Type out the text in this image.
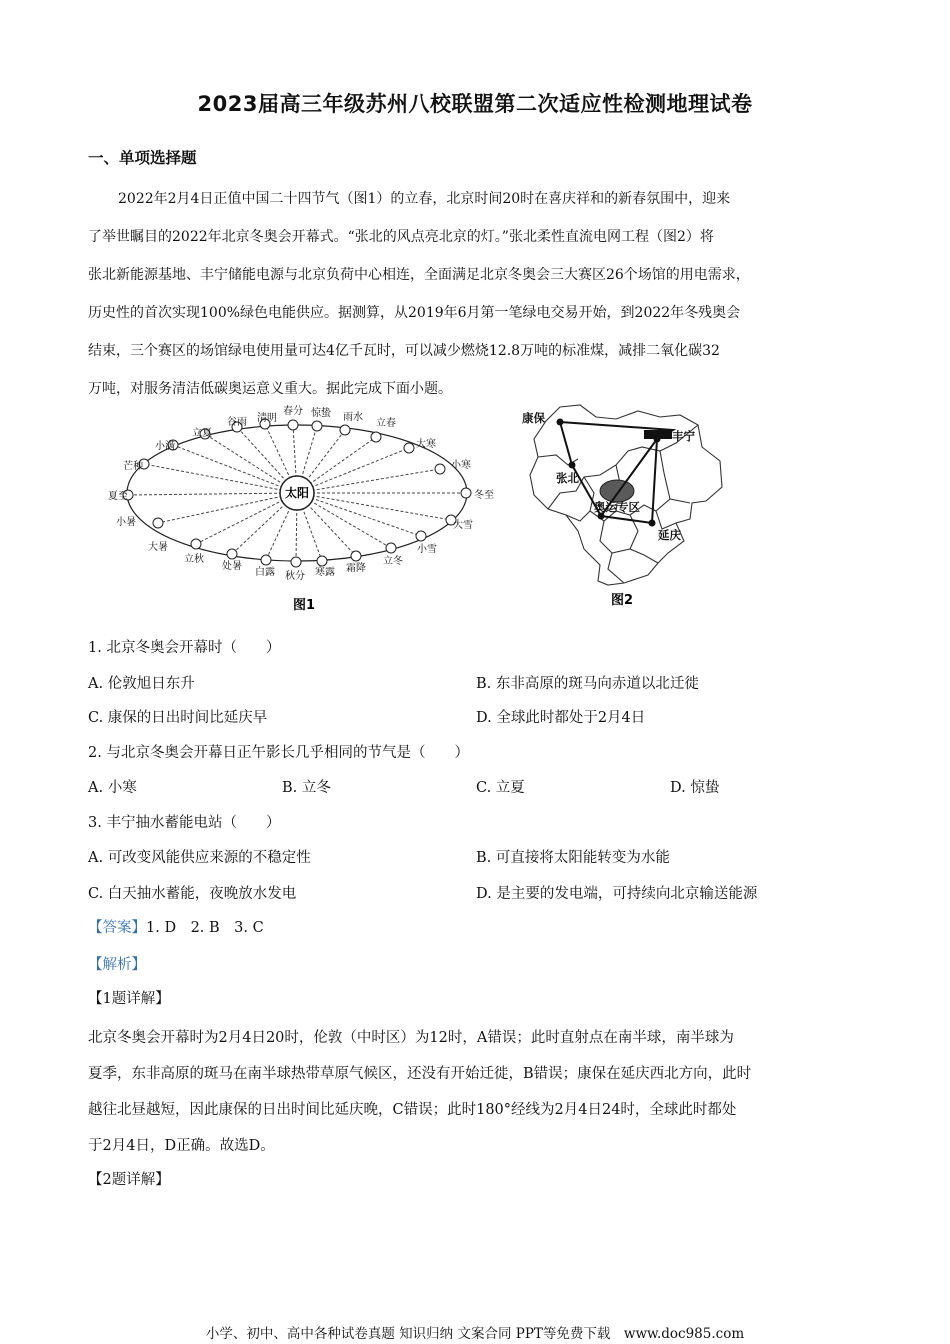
2023届高三年级苏州八校联盟第二次适应性检测地理试卷
一、单项选择题
2022年2月4日正值中国二十四节气（图1）的立春，北京时间20时在喜庆祥和的新春氛围中，迎来
了举世瞩目的2022年北京冬奥会开幕式。“张北的风点亮北京的灯。”张北柔性直流电网工程（图2）将
张北新能源基地、丰宁储能电源与北京负荷中心相连，全面满足北京冬奥会三大赛区26个场馆的用电需求，
历史性的首次实现100%绿色电能供应。据测算，从2019年6月第一笔绿电交易开始，到2022年冬残奥会
结束，三个赛区的场馆绿电使用量可达4亿千瓦时，可以减少燃烧12.8万吨的标准煤，减排二氧化碳32
万吨，对服务清洁低碳奥运意义重大。据此完成下面小题。
太阳
春分 惊蛰 雨水
立春
大寒
小寒
冬至
大雪
小雪
立冬
霜降
寒露
秋分
白露
处暑
立秋
大暑
小暑
夏至
芒种
小满
立夏
谷雨 清明
图1
康保
丰宁
张北
奥运专区
延庆
图2
1. 北京冬奥会开幕时（　　）
A. 伦敦旭日东升	B. 东非高原的斑马向赤道以北迁徙
C. 康保的日出时间比延庆早	D. 全球此时都处于2月4日
2. 与北京冬奥会开幕日正午影长几乎相同的节气是（　　）
A. 小寒	B. 立冬	C. 立夏	D. 惊蛰
3. 丰宁抽水蓄能电站（　　）
A. 可改变风能供应来源的不稳定性	B. 可直接将太阳能转变为水能
C. 白天抽水蓄能，夜晚放水发电	D. 是主要的发电端，可持续向北京输送能源
【答案】1. D　2. B　3. C
【解析】
【1题详解】
北京冬奥会开幕时为2月4日20时，伦敦（中时区）为12时，A错误；此时直射点在南半球，南半球为
夏季，东非高原的斑马在南半球热带草原气候区，还没有开始迁徙，B错误；康保在延庆西北方向，此时
越往北昼越短，因此康保的日出时间比延庆晚，C错误；此时180°经线为2月4日24时，全球此时都处
于2月4日，D正确。故选D。
【2题详解】
小学、初中、高中各种试卷真题 知识归纳 文案合同 PPT等免费下载　www.doc985.com
